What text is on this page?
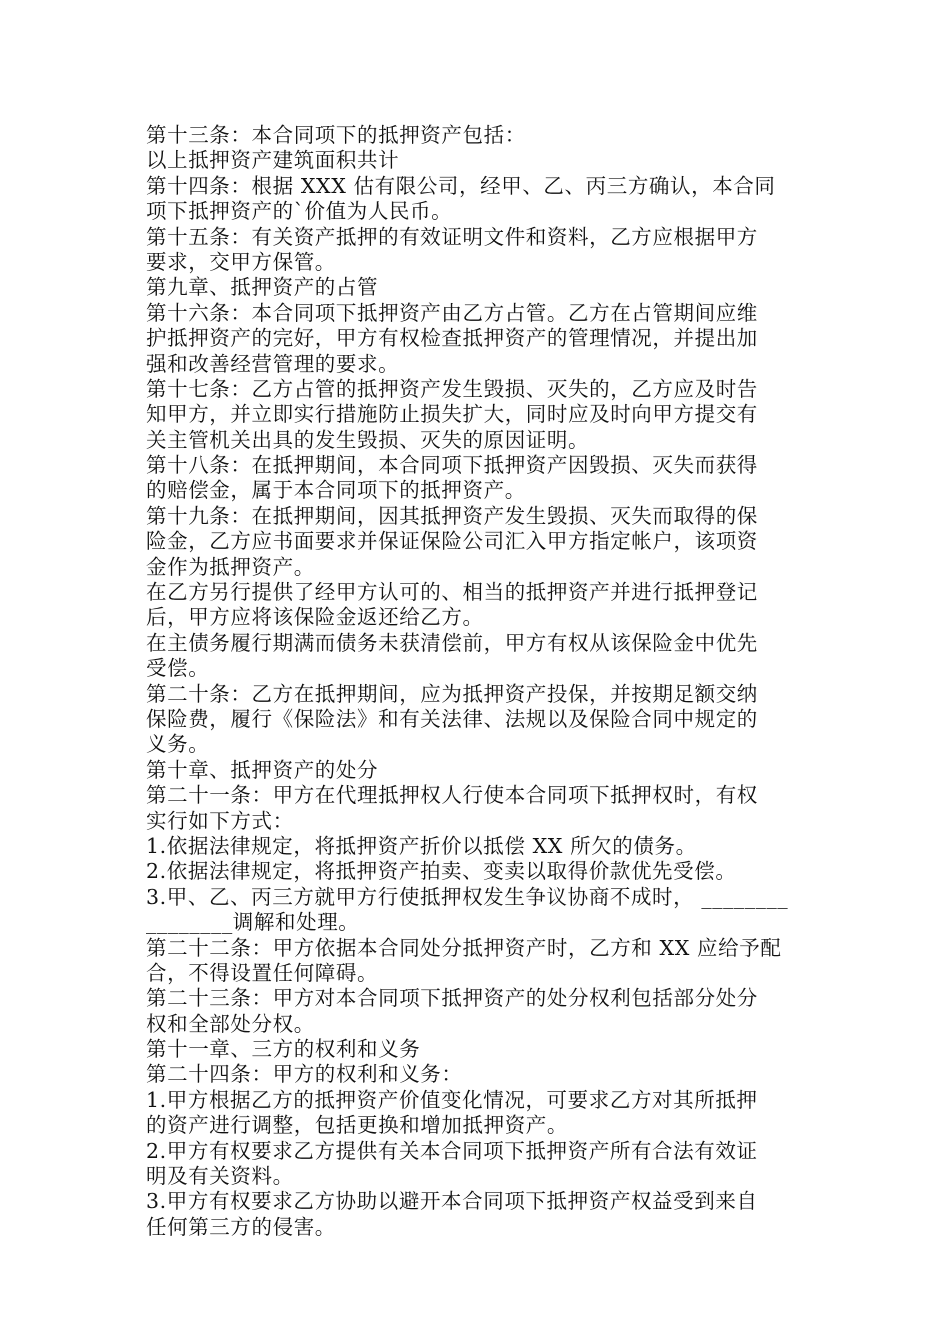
第十三条：本合同项下的抵押资产包括：
以上抵押资产建筑面积共计
第十四条：根据 XXX 估有限公司，经甲、乙、丙三方确认，本合同
项下抵押资产的`价值为人民币。
第十五条：有关资产抵押的有效证明文件和资料，乙方应根据甲方
要求，交甲方保管。
第九章、抵押资产的占管
第十六条：本合同项下抵押资产由乙方占管。乙方在占管期间应维
护抵押资产的完好，甲方有权检查抵押资产的管理情况，并提出加
强和改善经营管理的要求。
第十七条：乙方占管的抵押资产发生毁损、灭失的，乙方应及时告
知甲方，并立即实行措施防止损失扩大，同时应及时向甲方提交有
关主管机关出具的发生毁损、灭失的原因证明。
第十八条：在抵押期间，本合同项下抵押资产因毁损、灭失而获得
的赔偿金，属于本合同项下的抵押资产。
第十九条：在抵押期间，因其抵押资产发生毁损、灭失而取得的保
险金，乙方应书面要求并保证保险公司汇入甲方指定帐户，该项资
金作为抵押资产。
在乙方另行提供了经甲方认可的、相当的抵押资产并进行抵押登记
后，甲方应将该保险金返还给乙方。
在主债务履行期满而债务未获清偿前，甲方有权从该保险金中优先
受偿。
第二十条：乙方在抵押期间，应为抵押资产投保，并按期足额交纳
保险费，履行《保险法》和有关法律、法规以及保险合同中规定的
义务。
第十章、抵押资产的处分
第二十一条：甲方在代理抵押权人行使本合同项下抵押权时，有权
实行如下方式：
1.依据法律规定，将抵押资产折价以抵偿 XX 所欠的债务。
2.依据法律规定，将抵押资产拍卖、变卖以取得价款优先受偿。
3.甲、乙、丙三方就甲方行使抵押权发生争议协商不成时， ________
________调解和处理。
第二十二条：甲方依据本合同处分抵押资产时，乙方和 XX 应给予配
合，不得设置任何障碍。
第二十三条：甲方对本合同项下抵押资产的处分权利包括部分处分
权和全部处分权。
第十一章、三方的权利和义务
第二十四条：甲方的权利和义务：
1.甲方根据乙方的抵押资产价值变化情况，可要求乙方对其所抵押
的资产进行调整，包括更换和增加抵押资产。
2.甲方有权要求乙方提供有关本合同项下抵押资产所有合法有效证
明及有关资料。
3.甲方有权要求乙方协助以避开本合同项下抵押资产权益受到来自
任何第三方的侵害。
